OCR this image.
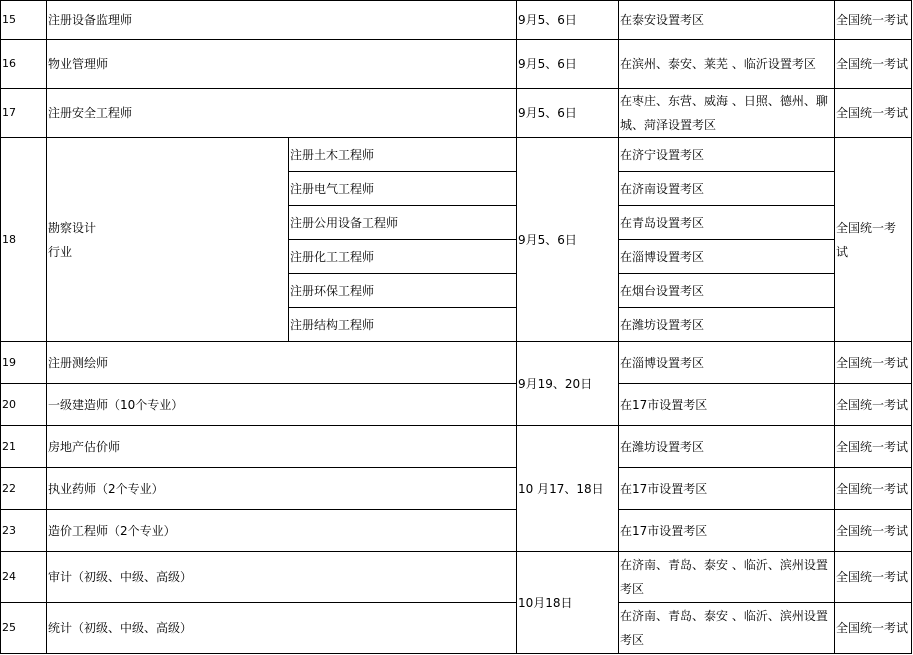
15	注册设备监理师		9月5、6日	在泰安设置考区	全国统一考试
16	物业管理师		9月5、6日	在滨州、泰安、莱芜 、临沂设置考区	全国统一考试
17	注册安全工程师		9月5、6日	在枣庄、东营、威海 、日照、德州、聊城、菏泽设置考区	全国统一考试
18	勘察设计行业	注册土木工程师	9月5、6日	在济宁设置考区	全国统一考试
		注册电气工程师		在济南设置考区	
		注册公用设备工程师		在青岛设置考区	
		注册化工工程师		在淄博设置考区	
		注册环保工程师		在烟台设置考区	
		注册结构工程师		在潍坊设置考区	
19	注册测绘师		9月19、20日	在淄博设置考区	全国统一考试
20	一级建造师（10个专业）			在17市设置考区	全国统一考试
21	房地产估价师		10 月17、18日	在潍坊设置考区	全国统一考试
22	执业药师（2个专业）			在17市设置考区	全国统一考试
23	造价工程师（2个专业）			在17市设置考区	全国统一考试
24	审计（初级、中级、高级）		10月18日	在济南、青岛、泰安 、临沂、滨州设置考区	全国统一考试
25	统计（初级、中级、高级）			在济南、青岛、泰安 、临沂、滨州设置考区	全国统一考试
